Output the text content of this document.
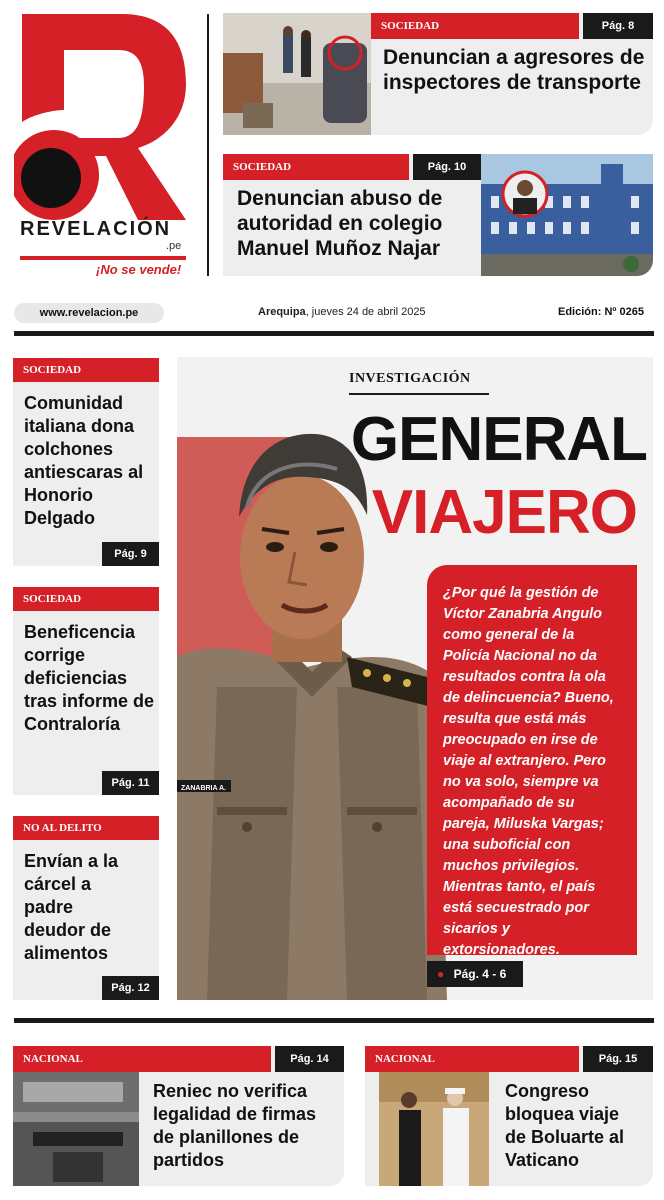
REVELACIÓN
.pe
¡No se vende!
SOCIEDAD	Pág. 8
Denuncian a agresores de inspectores de transporte
SOCIEDAD	Pág. 10
Denuncian abuso de autoridad en colegio Manuel Muñoz Najar
www.revelacion.pe	Arequipa, jueves 24 de abril 2025	Edición: Nº 0265
SOCIEDAD
Comunidad italiana dona colchones antiescaras al Honorio Delgado
Pág. 9
SOCIEDAD
Beneficencia corrige deficiencias tras informe de Contraloría
Pág. 11
NO AL DELITO
Envían a la cárcel a padre deudor de alimentos
Pág. 12
ZANABRIA A.
INVESTIGACIÓN
GENERAL
VIAJERO
¿Por qué la gestión de Víctor Zanabria Angulo como general de la Policía Nacional no da resultados contra la ola de delincuencia? Bueno, resulta que está más preocupado en irse de viaje al extranjero. Pero no va solo, siempre va acompañado de su pareja, Miluska Vargas; una suboficial con muchos privilegios. Mientras tanto, el país está secuestrado por sicarios y extorsionadores.
● Pág. 4 - 6
NACIONAL	Pág. 14
Reniec no verifica legalidad de firmas de planillones de partidos
NACIONAL	Pág. 15
Congreso bloquea viaje de Boluarte al Vaticano
